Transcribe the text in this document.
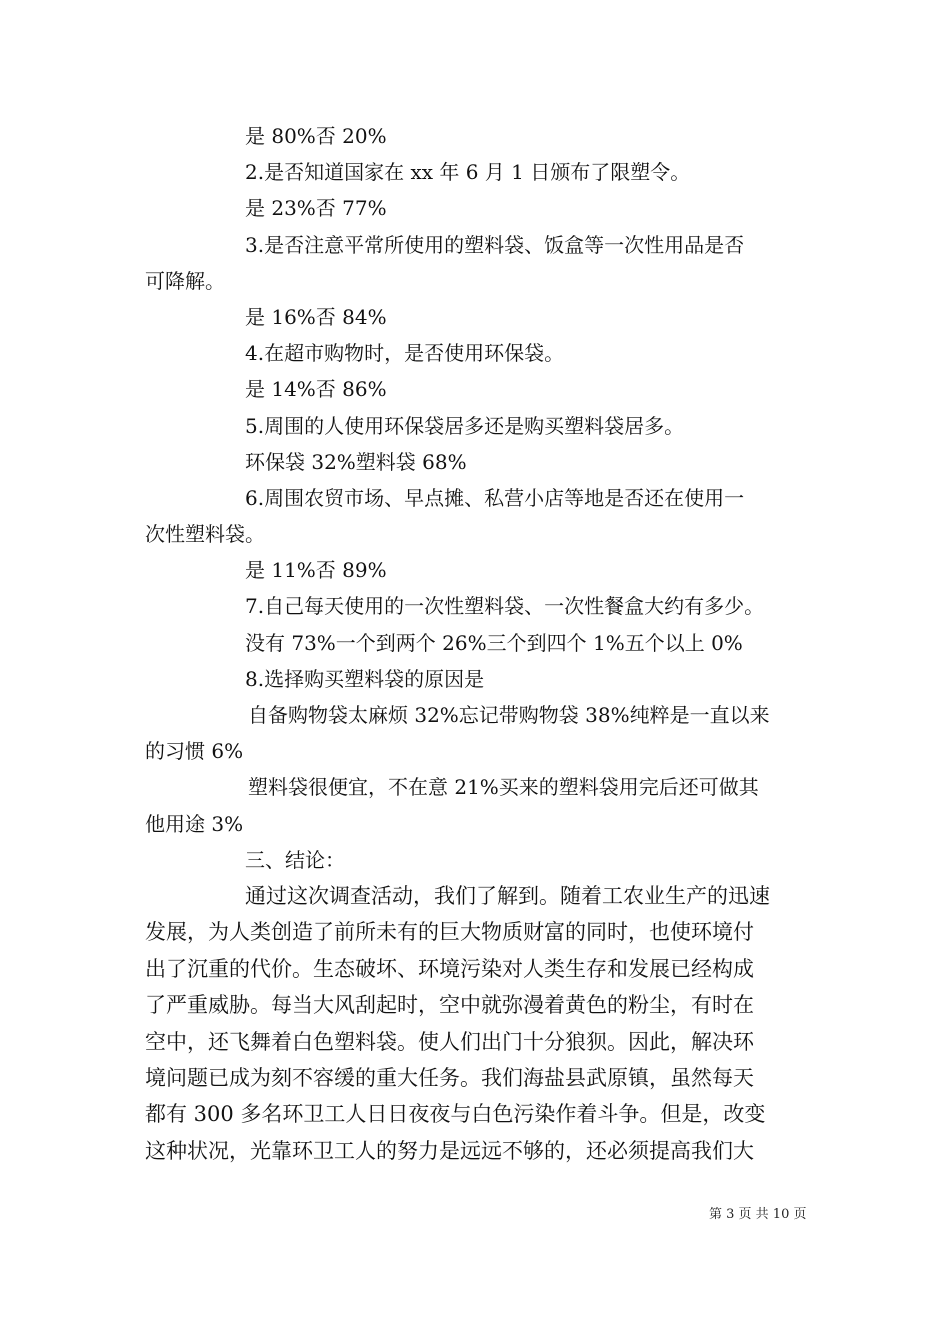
是 80%否 20%
2.是否知道国家在 xx 年 6 月 1 日颁布了限塑令。
是 23%否 77%
3.是否注意平常所使用的塑料袋、饭盒等一次性用品是否
可降解。
是 16%否 84%
4.在超市购物时，是否使用环保袋。
是 14%否 86%
5.周围的人使用环保袋居多还是购买塑料袋居多。
环保袋 32%塑料袋 68%
6.周围农贸市场、早点摊、私营小店等地是否还在使用一
次性塑料袋。
是 11%否 89%
7.自己每天使用的一次性塑料袋、一次性餐盒大约有多少。
没有 73%一个到两个 26%三个到四个 1%五个以上 0%
8.选择购买塑料袋的原因是
自备购物袋太麻烦 32%忘记带购物袋 38%纯粹是一直以来
的习惯 6%
塑料袋很便宜，不在意 21%买来的塑料袋用完后还可做其
他用途 3%
三、结论：
通过这次调查活动，我们了解到。随着工农业生产的迅速
发展，为人类创造了前所未有的巨大物质财富的同时，也使环境付
出了沉重的代价。生态破坏、环境污染对人类生存和发展已经构成
了严重威胁。每当大风刮起时，空中就弥漫着黄色的粉尘，有时在
空中，还飞舞着白色塑料袋。使人们出门十分狼狈。因此，解决环
境问题已成为刻不容缓的重大任务。我们海盐县武原镇，虽然每天
都有 300 多名环卫工人日日夜夜与白色污染作着斗争。但是，改变
这种状况，光靠环卫工人的努力是远远不够的，还必须提高我们大
第 3 页 共 10 页
